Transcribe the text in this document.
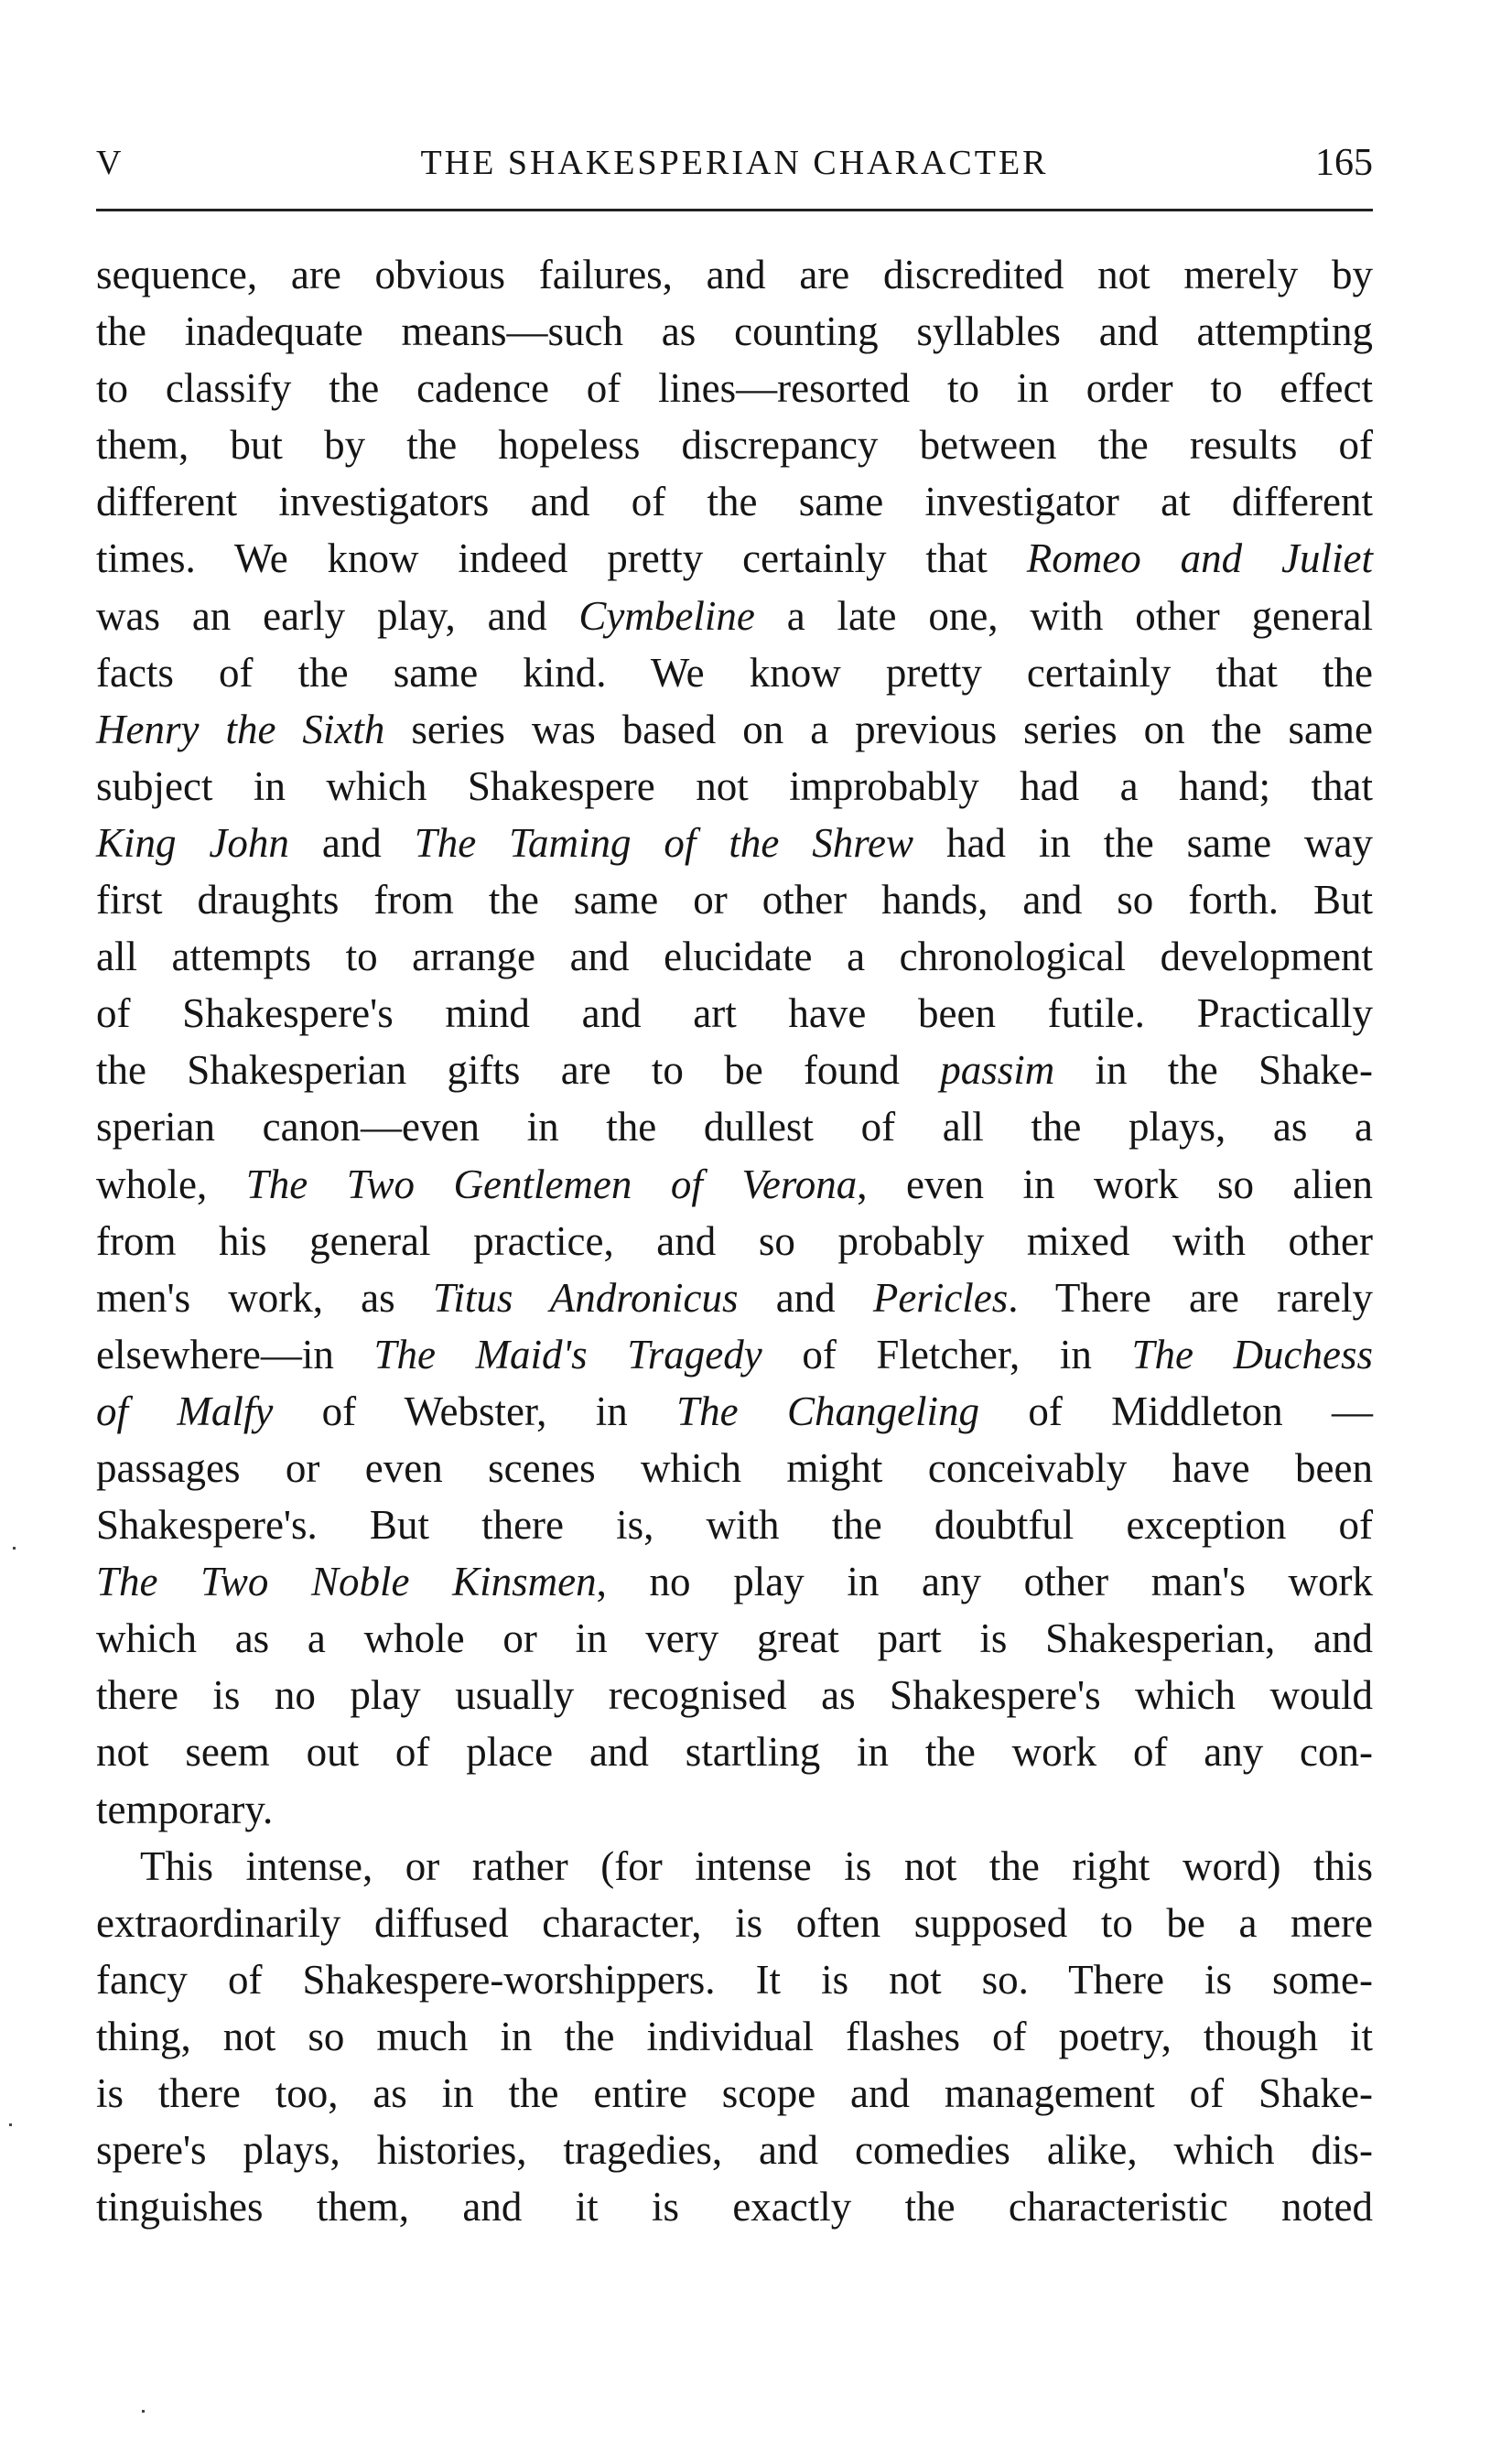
V	THE SHAKESPERIAN CHARACTER	165
sequence, are obvious failures, and are discredited not merely by
the inadequate means—such as counting syllables and attempting
to classify the cadence of lines—resorted to in order to effect
them, but by the hopeless discrepancy between the results of
different investigators and of the same investigator at different
times. We know indeed pretty certainly that Romeo and Juliet
was an early play, and Cymbeline a late one, with other general
facts of the same kind. We know pretty certainly that the
Henry the Sixth series was based on a previous series on the same
subject in which Shakespere not improbably had a hand; that
King John and The Taming of the Shrew had in the same way
first draughts from the same or other hands, and so forth. But
all attempts to arrange and elucidate a chronological development
of Shakespere's mind and art have been futile. Practically
the Shakesperian gifts are to be found passim in the Shake-
sperian canon—even in the dullest of all the plays, as a
whole, The Two Gentlemen of Verona, even in work so alien
from his general practice, and so probably mixed with other
men's work, as Titus Andronicus and Pericles. There are rarely
elsewhere—in The Maid's Tragedy of Fletcher, in The Duchess
of Malfy of Webster, in The Changeling of Middleton —
passages or even scenes which might conceivably have been
Shakespere's. But there is, with the doubtful exception of
The Two Noble Kinsmen, no play in any other man's work
which as a whole or in very great part is Shakesperian, and
there is no play usually recognised as Shakespere's which would
not seem out of place and startling in the work of any con-
temporary.
This intense, or rather (for intense is not the right word) this
extraordinarily diffused character, is often supposed to be a mere
fancy of Shakespere-worshippers. It is not so. There is some-
thing, not so much in the individual flashes of poetry, though it
is there too, as in the entire scope and management of Shake-
spere's plays, histories, tragedies, and comedies alike, which dis-
tinguishes them, and it is exactly the characteristic noted
